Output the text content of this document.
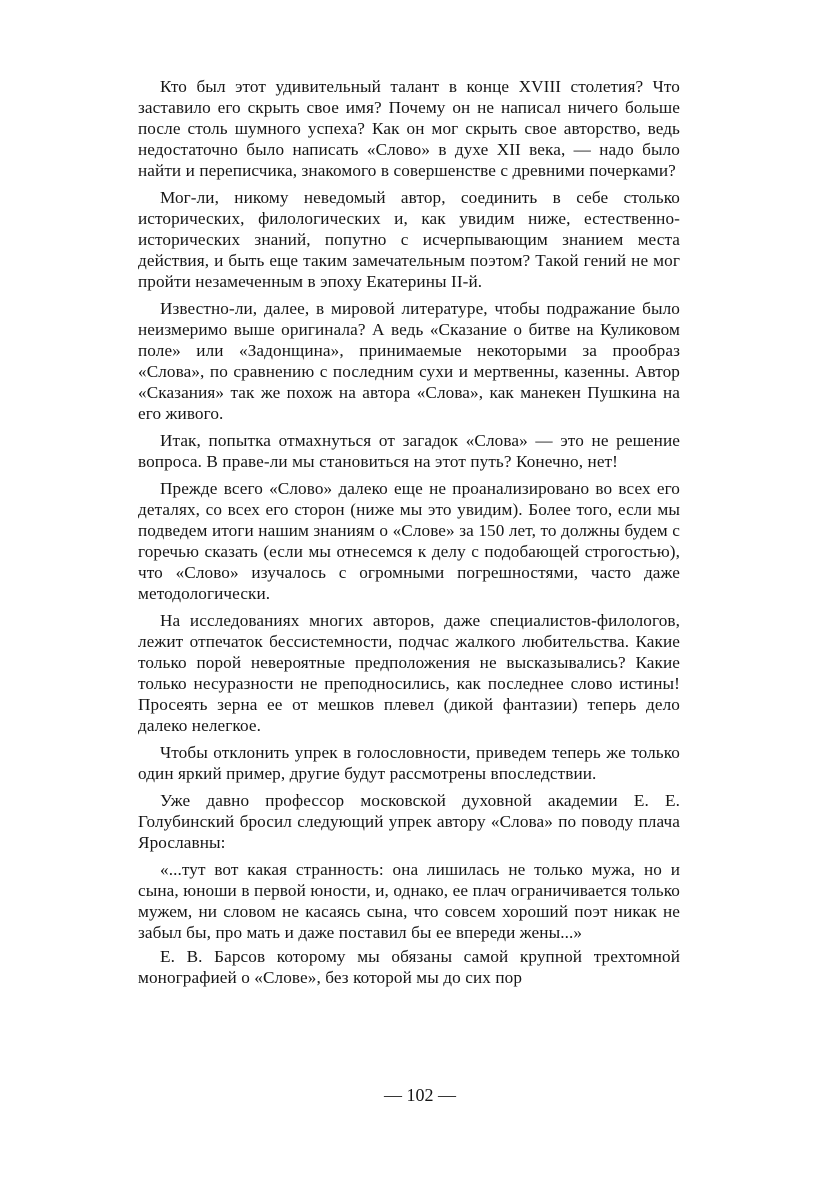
Кто был этот удивительный талант в конце XVIII столетия? Что заставило его скрыть свое имя? Почему он не написал ничего больше после столь шумного успеха? Как он мог скрыть свое авторство, ведь недостаточно было написать «Слово» в духе XII века, — надо было найти и переписчика, знакомого в совершенстве с древними почерками?

Мог-ли, никому неведомый автор, соединить в себе столько исторических, филологических и, как увидим ниже, естественно-исторических знаний, попутно с исчерпывающим знанием места действия, и быть еще таким замечательным поэтом? Такой гений не мог пройти незамеченным в эпоху Екатерины II-й.

Известно-ли, далее, в мировой литературе, чтобы подражание было неизмеримо выше оригинала? А ведь «Сказание о битве на Куликовом поле» или «Задонщина», принимаемые некоторыми за прообраз «Слова», по сравнению с последним сухи и мертвенны, казенны. Автор «Сказания» так же похож на автора «Слова», как манекен Пушкина на его живого.

Итак, попытка отмахнуться от загадок «Слова» — это не решение вопроса. В праве-ли мы становиться на этот путь? Конечно, нет!

Прежде всего «Слово» далеко еще не проанализировано во всех его деталях, со всех его сторон (ниже мы это увидим). Более того, если мы подведем итоги нашим знаниям о «Слове» за 150 лет, то должны будем с горечью сказать (если мы отнесемся к делу с подобающей строгостью), что «Слово» изучалось с огромными погрешностями, часто даже методологически.

На исследованиях многих авторов, даже специалистов-филологов, лежит отпечаток бессистемности, подчас жалкого любительства. Какие только порой невероятные предположения не высказывались? Какие только несуразности не преподносились, как последнее слово истины! Просеять зерна ее от мешков плевел (дикой фантазии) теперь дело далеко нелегкое.

Чтобы отклонить упрек в голословности, приведем теперь же только один яркий пример, другие будут рассмотрены впоследствии.

Уже давно профессор московской духовной академии Е. Е. Голубинский бросил следующий упрек автору «Слова» по поводу плача Ярославны:

«...тут вот какая странность: она лишилась не только мужа, но и сына, юноши в первой юности, и, однако, ее плач ограничивается только мужем, ни словом не касаясь сына, что совсем хороший поэт никак не забыл бы, про мать и даже поставил бы ее впереди жены...»

Е. В. Барсов которому мы обязаны самой крупной трехтомной монографией о «Слове», без которой мы до сих пор

— 102 —
